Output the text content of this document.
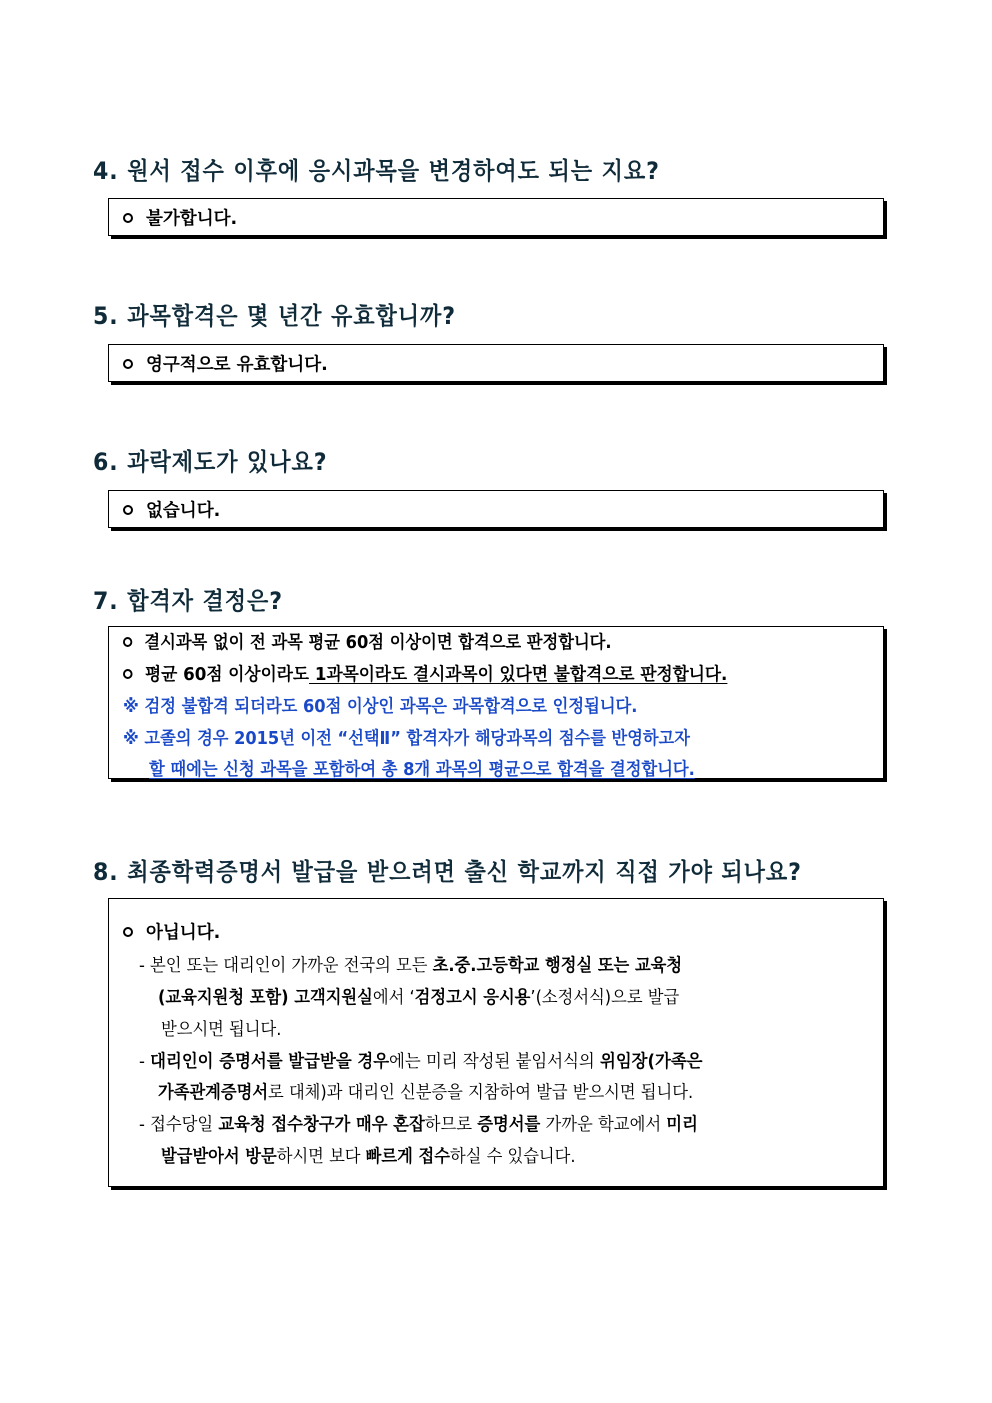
4. 원서 접수 이후에 응시과목을 변경하여도 되는 지요?
불가합니다.
5. 과목합격은 몇 년간 유효합니까?
영구적으로 유효합니다.
6. 과락제도가 있나요?
없습니다.
7. 합격자 결정은?
결시과목 없이 전 과목 평균 60점 이상이면 합격으로 판정합니다.
평균 60점 이상이라도 1과목이라도 결시과목이 있다면 불합격으로 판정합니다.
※ 검정 불합격 되더라도 60점 이상인 과목은 과목합격으로 인정됩니다.
※ 고졸의 경우 2015년 이전 “선택Ⅱ” 합격자가 해당과목의 점수를 반영하고자
할 때에는 신청 과목을 포함하여 총 8개 과목의 평균으로 합격을 결정합니다.
8. 최종학력증명서 발급을 받으려면 출신 학교까지 직접 가야 되나요?
아닙니다.
- 본인 또는 대리인이 가까운 전국의 모든 초.중.고등학교 행정실 또는 교육청
(교육지원청 포함) 고객지원실에서 ‘검정고시 응시용’(소정서식)으로 발급
받으시면 됩니다.
- 대리인이 증명서를 발급받을 경우에는 미리 작성된 붙임서식의 위임장(가족은
가족관계증명서로 대체)과 대리인 신분증을 지참하여 발급 받으시면 됩니다.
- 접수당일 교육청 접수창구가 매우 혼잡하므로 증명서를 가까운 학교에서 미리
발급받아서 방문하시면 보다 빠르게 접수하실 수 있습니다.
